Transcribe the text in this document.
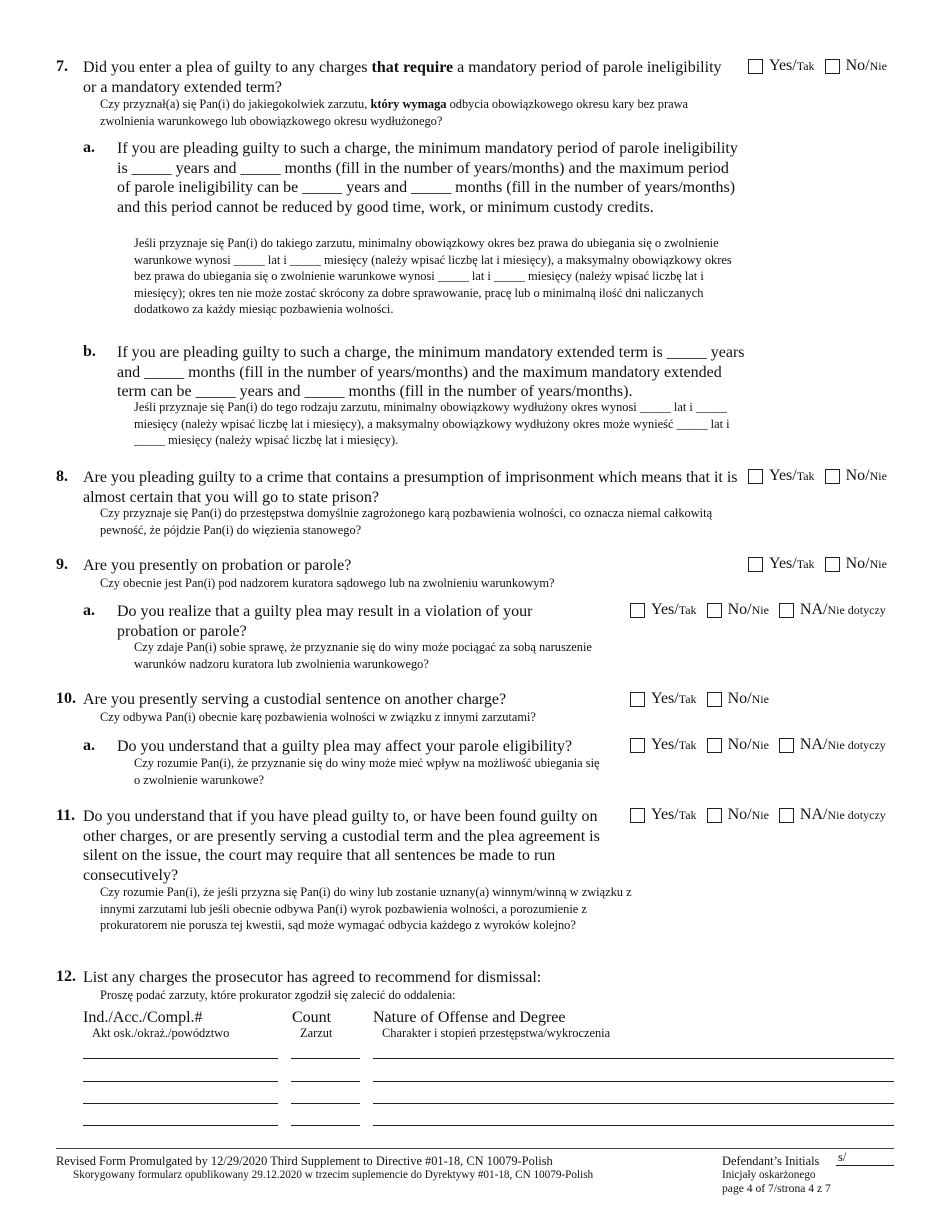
7. Did you enter a plea of guilty to any charges that require a mandatory period of parole ineligibility or a mandatory extended term?
Czy przyznał(a) się Pan(i) do jakiegokolwiek zarzutu, który wymaga odbycia obowiązkowego okresu kary bez prawa zwolnienia warunkowego lub obowiązkowego okresu wydłużonego?
Yes/ Tak No/ Nie
a. If you are pleading guilty to such a charge, the minimum mandatory period of parole ineligibility is _____ years and _____ months (fill in the number of years/months) and the maximum period of parole ineligibility can be _____ years and _____ months (fill in the number of years/months) and this period cannot be reduced by good time, work, or minimum custody credits.
Jeśli przyznaje się Pan(i) do takiego zarzutu, minimalny obowiązkowy okres bez prawa do ubiegania się o zwolnienie warunkowe wynosi _____ lat i _____ miesięcy (należy wpisać liczbę lat i miesięcy), a maksymalny obowiązkowy okres bez prawa do ubiegania się o zwolnienie warunkowe wynosi _____ lat i _____ miesięcy (należy wpisać liczbę lat i miesięcy); okres ten nie może zostać skrócony za dobre sprawowanie, pracę lub o minimalną ilość dni naliczanych dodatkowo za każdy miesiąc pozbawienia wolności.
b. If you are pleading guilty to such a charge, the minimum mandatory extended term is _____ years and _____ months (fill in the number of years/months) and the maximum mandatory extended term can be _____ years and _____ months (fill in the number of years/months).
Jeśli przyznaje się Pan(i) do tego rodzaju zarzutu, minimalny obowiązkowy wydłużony okres wynosi _____ lat i _____ miesięcy (należy wpisać liczbę lat i miesięcy), a maksymalny obowiązkowy wydłużony okres może wynieść _____ lat i _____ miesięcy (należy wpisać liczbę lat i miesięcy).
8. Are you pleading guilty to a crime that contains a presumption of imprisonment which means that it is almost certain that you will go to state prison?
Czy przyznaje się Pan(i) do przestępstwa domyślnie zagrożonego karą pozbawienia wolności, co oznacza niemal całkowitą pewność, że pójdzie Pan(i) do więzienia stanowego?
Yes/ Tak No/ Nie
9. Are you presently on probation or parole?
Czy obecnie jest Pan(i) pod nadzorem kuratora sądowego lub na zwolnieniu warunkowym?
Yes/ Tak No/ Nie
a. Do you realize that a guilty plea may result in a violation of your probation or parole?
Czy zdaje Pan(i) sobie sprawę, że przyznanie się do winy może pociągać za sobą naruszenie warunków nadzoru kuratora lub zwolnienia warunkowego?
Yes/ Tak No/ Nie NA/ Nie dotyczy
10. Are you presently serving a custodial sentence on another charge?
Czy odbywa Pan(i) obecnie karę pozbawienia wolności w związku z innymi zarzutami?
Yes/ Tak No/ Nie
a. Do you understand that a guilty plea may affect your parole eligibility?
Czy rozumie Pan(i), że przyznanie się do winy może mieć wpływ na możliwość ubiegania się o zwolnienie warunkowe?
Yes/ Tak No/ Nie NA/ Nie dotyczy
11. Do you understand that if you have plead guilty to, or have been found guilty on other charges, or are presently serving a custodial term and the plea agreement is silent on the issue, the court may require that all sentences be made to run consecutively?
Czy rozumie Pan(i), że jeśli przyzna się Pan(i) do winy lub zostanie uznany(a) winnym/winną w związku z innymi zarzutami lub jeśli obecnie odbywa Pan(i) wyrok pozbawienia wolności, a porozumienie z prokuratorem nie porusza tej kwestii, sąd może wymagać odbycia każdego z wyroków kolejno?
Yes/ Tak No/ Nie NA/ Nie dotyczy
12. List any charges the prosecutor has agreed to recommend for dismissal:
Proszę podać zarzuty, które prokurator zgodził się zalecić do oddalenia:
Ind./Acc./Compl.#
Akt osk./okraż./powództwo
Count
Zarzut
Nature of Offense and Degree
Charakter i stopień przestępstwa/wykroczenia
Revised Form Promulgated by 12/29/2020 Third Supplement to Directive #01-18, CN 10079-Polish
Skorygowany formularz opublikowany 29.12.2020 w trzecim suplemencie do Dyrektywy #01-18, CN 10079-Polish
Defendant’s Initials s/
Inicjały oskarżonego
page 4 of 7/strona 4 z 7
